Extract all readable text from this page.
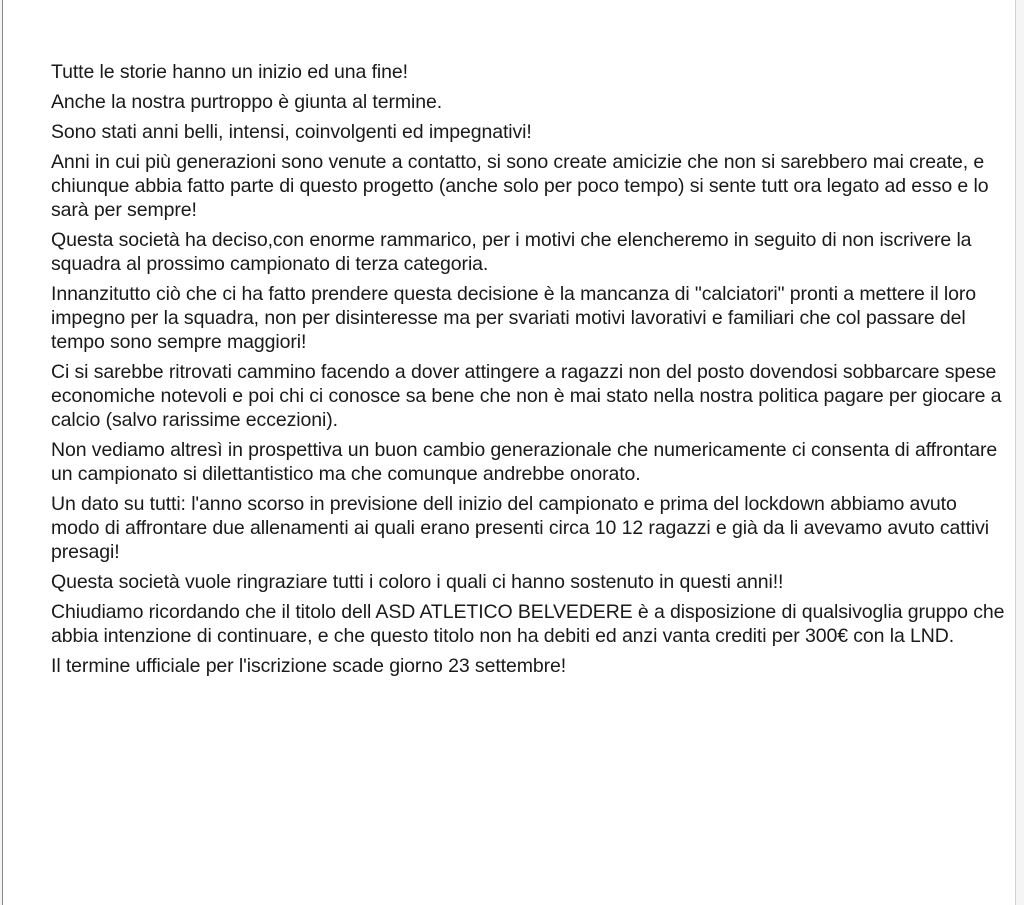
Tutte le storie hanno un inizio ed una fine!

Anche la nostra purtroppo è giunta al termine.

Sono stati anni belli, intensi, coinvolgenti ed impegnativi!

Anni in cui più generazioni sono venute a contatto, si sono create amicizie che non si sarebbero mai create, e chiunque abbia fatto parte di questo progetto (anche solo per poco tempo) si sente tutt ora legato ad esso e lo sarà per sempre!

Questa società ha deciso,con enorme rammarico, per i motivi che elencheremo in seguito di non iscrivere la squadra al prossimo campionato di terza categoria.

Innanzitutto ciò che ci ha fatto prendere questa decisione è la mancanza di "calciatori" pronti a mettere il loro impegno per la squadra, non per disinteresse ma per svariati motivi lavorativi e familiari che col passare del tempo sono sempre maggiori!

Ci si sarebbe ritrovati cammino facendo a dover attingere a ragazzi non del posto dovendosi sobbarcare spese economiche notevoli e poi chi ci conosce sa bene che non è mai stato nella nostra politica pagare per giocare a calcio (salvo rarissime eccezioni).

Non vediamo altresì in prospettiva un buon cambio generazionale che numericamente ci consenta di affrontare un campionato si dilettantistico ma che comunque andrebbe onorato.

Un dato su tutti: l'anno scorso in previsione dell inizio del campionato e prima del lockdown abbiamo avuto modo di affrontare due allenamenti ai quali erano presenti circa 10 12 ragazzi e già da li avevamo avuto cattivi presagi!

Questa società vuole ringraziare tutti i coloro i quali ci hanno sostenuto in questi anni!!

Chiudiamo ricordando che il titolo dell ASD ATLETICO BELVEDERE è a disposizione di qualsivoglia gruppo che abbia intenzione di continuare, e che questo titolo non ha debiti ed anzi vanta crediti per 300€ con la LND.

Il termine ufficiale per l'iscrizione scade giorno 23 settembre!
